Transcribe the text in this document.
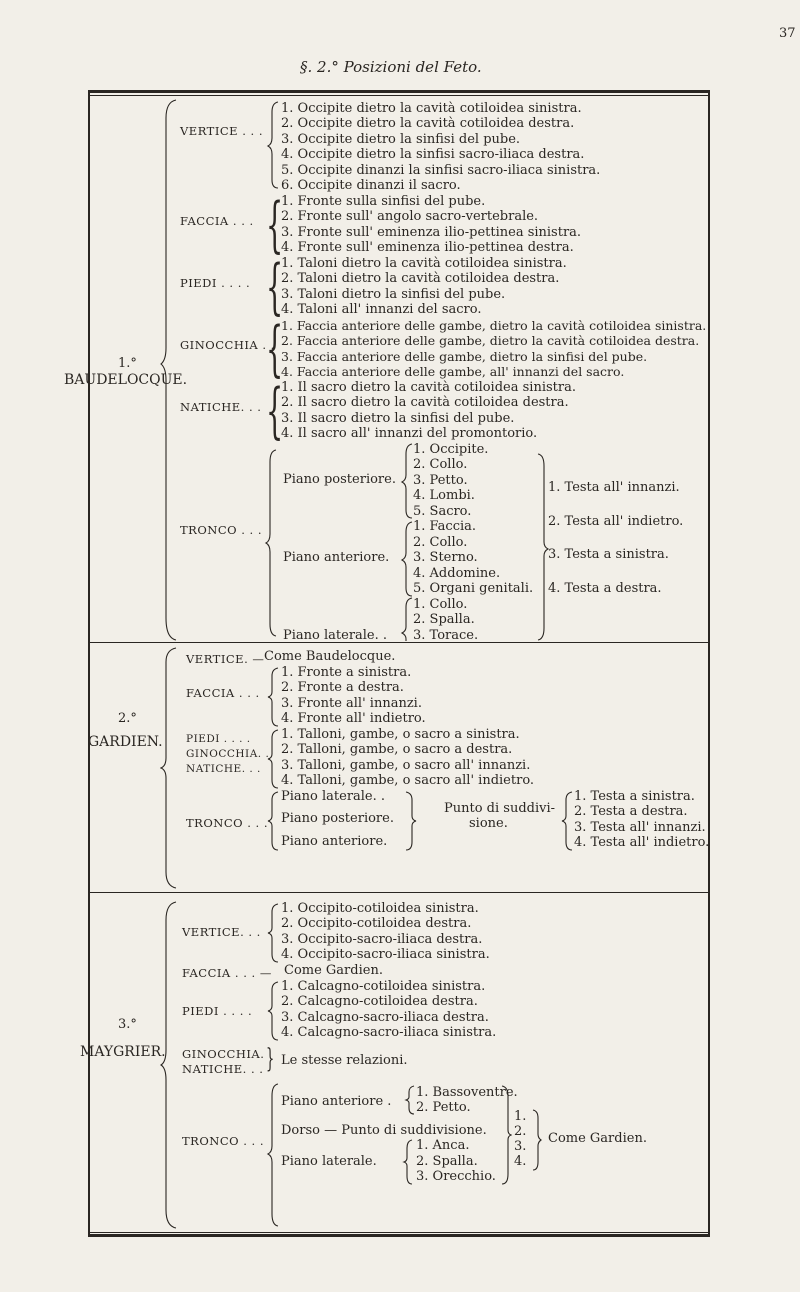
§. 2.° Posizioni del Feto.
37
1.°
BAUDELOCQUE.
VERTICE . . .
1. Occipite dietro la cavità cotiloidea sinistra.
2. Occipite dietro la cavità cotiloidea destra.
3. Occipite dietro la sinfisi del pube.
4. Occipite dietro la sinfisi sacro-iliaca destra.
5. Occipite dinanzi la sinfisi sacro-iliaca sinistra.
6. Occipite dinanzi il sacro.
FACCIA . . . {
1. Fronte sulla sinfisi del pube.
2. Fronte sull' angolo sacro-vertebrale.
3. Fronte sull' eminenza ilio-pettinea sinistra.
4. Fronte sull' eminenza ilio-pettinea destra.
PIEDI . . . . {
1. Taloni dietro la cavità cotiloidea sinistra.
2. Taloni dietro la cavità cotiloidea destra.
3. Taloni dietro la sinfisi del pube.
4. Taloni all' innanzi del sacro.
GINOCCHIA . .
{
1. Faccia anteriore delle gambe, dietro la cavità cotiloidea sinistra.
2. Faccia anteriore delle gambe, dietro la cavità cotiloidea destra.
3. Faccia anteriore delle gambe, dietro la sinfisi del pube.
4. Faccia anteriore delle gambe, all' innanzi del sacro.
NATICHE. . . {
1. Il sacro dietro la cavità cotiloidea sinistra.
2. Il sacro dietro la cavità cotiloidea destra.
3. Il sacro dietro la sinfisi del pube.
4. Il sacro all' innanzi del promontorio.
TRONCO . . .
Piano posteriore.
1. Occipite.
2. Collo.
3. Petto.
4. Lombi.
5. Sacro.
Piano anteriore.
1. Faccia.
2. Collo.
3. Sterno.
4. Addomine.
5. Organi genitali.
Piano laterale. .
1. Collo.
2. Spalla.
3. Torace.
1. Testa all' innanzi.
2. Testa all' indietro.
3. Testa a sinistra.
4. Testa a destra.
2.°
GARDIEN.
VERTICE. — Come Baudelocque.
FACCIA . . .
1. Fronte a sinistra.
2. Fronte a destra.
3. Fronte all' innanzi.
4. Fronte all' indietro.
PIEDI . . . .
GINOCCHIA. .
NATICHE. . .
1. Talloni, gambe, o sacro a sinistra.
2. Talloni, gambe, o sacro a destra.
3. Talloni, gambe, o sacro all' innanzi.
4. Talloni, gambe, o sacro all' indietro.
TRONCO . . .
Piano laterale. .
Piano posteriore.
Piano anteriore.
Punto di suddivi-
sione.
1. Testa a sinistra.
2. Testa a destra.
3. Testa all' innanzi.
4. Testa all' indietro.
3.°
MAYGRIER.
VERTICE. . .
1. Occipito-cotiloidea sinistra.
2. Occipito-cotiloidea destra.
3. Occipito-sacro-iliaca destra.
4. Occipito-sacro-iliaca sinistra.
FACCIA . . . — Come Gardien.
PIEDI . . . .
1. Calcagno-cotiloidea sinistra.
2. Calcagno-cotiloidea destra.
3. Calcagno-sacro-iliaca destra.
4. Calcagno-sacro-iliaca sinistra.
GINOCCHIA.
NATICHE. . . } Le stesse relazioni.
TRONCO . . .
Piano anteriore .
1. Bassoventre.
2. Petto.
Dorso — Punto di suddivisione.
Piano laterale.
1. Anca.
2. Spalla.
3. Orecchio.
1.
2.
3.
4.
Come Gardien.
